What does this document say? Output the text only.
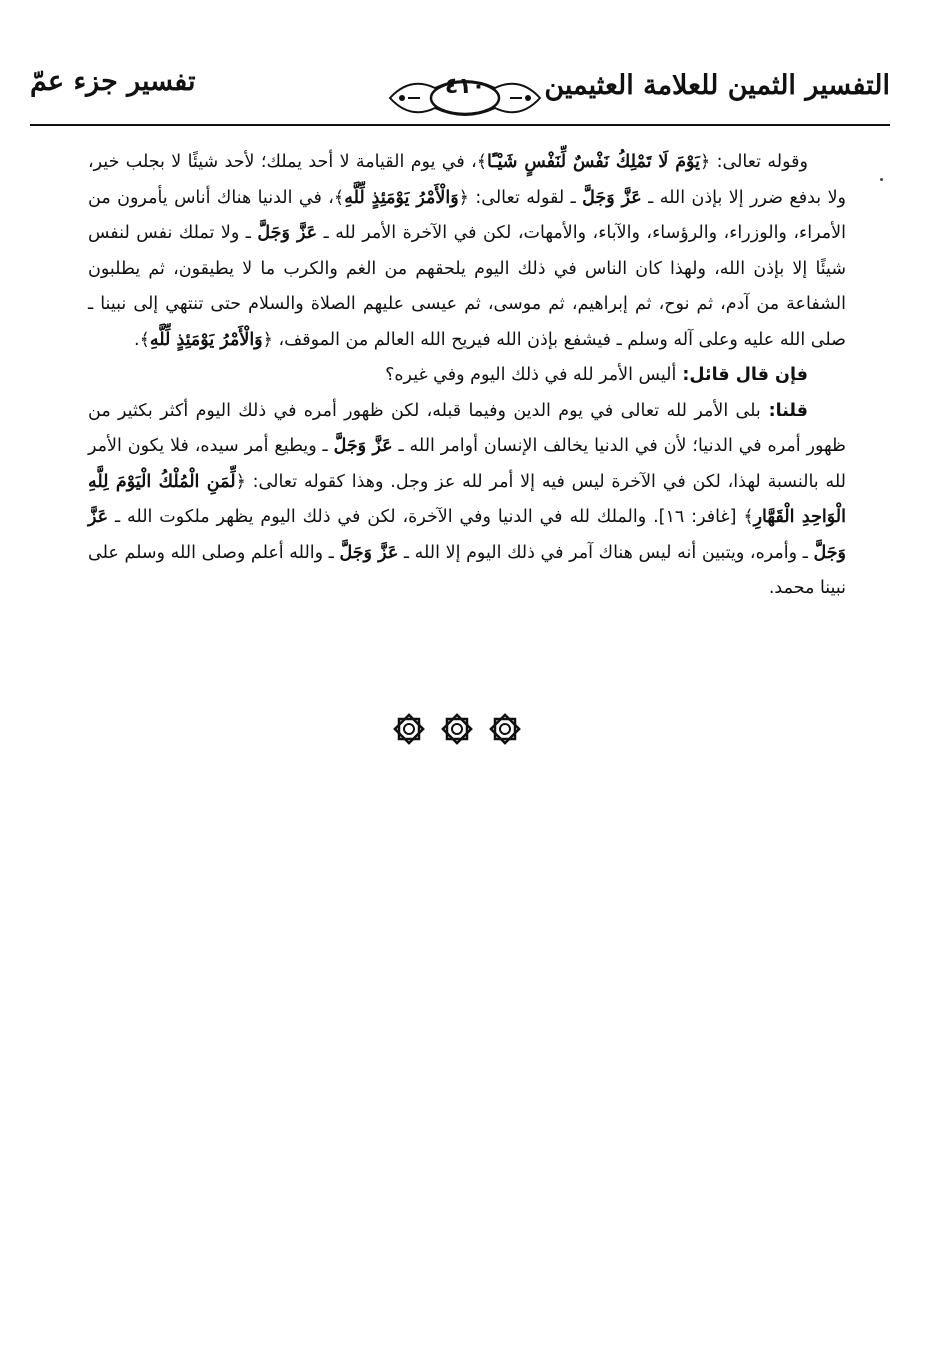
التفسير الثمين للعلامة العثيمين
٤١٠
تفسير جزء عمّ

وقوله تعالى: ﴿يَوْمَ لَا تَمْلِكُ نَفْسٌ لِّنَفْسٍ شَيْـًٔا﴾، في يوم القيامة لا أحد يملك؛ لأحد شيئًا لا بجلب خير، ولا بدفع ضرر إلا بإذن الله ـ عَزَّ وَجَلَّ ـ لقوله تعالى: ﴿وَالْأَمْرُ يَوْمَئِذٍ لِّلَّهِ﴾، في الدنيا هناك أناس يأمرون من الأمراء، والوزراء، والرؤساء، والآباء، والأمهات، لكن في الآخرة الأمر لله ـ عَزَّ وَجَلَّ ـ ولا تملك نفس لنفس شيئًا إلا بإذن الله، ولهذا كان الناس في ذلك اليوم يلحقهم من الغم والكرب ما لا يطيقون، ثم يطلبون الشفاعة من آدم، ثم نوح، ثم إبراهيم، ثم موسى، ثم عيسى عليهم الصلاة والسلام حتى تنتهي إلى نبينا ـ صلى الله عليه وعلى آله وسلم ـ فيشفع بإذن الله فيريح الله العالم من الموقف، ﴿وَالْأَمْرُ يَوْمَئِذٍ لِّلَّهِ﴾.

فإن قال قائل: أليس الأمر لله في ذلك اليوم وفي غيره؟

قلنا: بلى الأمر لله تعالى في يوم الدين وفيما قبله، لكن ظهور أمره في ذلك اليوم أكثر بكثير من ظهور أمره في الدنيا؛ لأن في الدنيا يخالف الإنسان أوامر الله ـ عَزَّ وَجَلَّ ـ ويطيع أمر سيده، فلا يكون الأمر لله بالنسبة لهذا، لكن في الآخرة ليس فيه إلا أمر لله عز وجل. وهذا كقوله تعالى: ﴿لِّمَنِ الْمُلْكُ الْيَوْمَ لِلَّهِ الْوَاحِدِ الْقَهَّارِ﴾ [غافر: ١٦]. والملك لله في الدنيا وفي الآخرة، لكن في ذلك اليوم يظهر ملكوت الله ـ عَزَّ وَجَلَّ ـ وأمره، ويتبين أنه ليس هناك آمر في ذلك اليوم إلا الله ـ عَزَّ وَجَلَّ ـ والله أعلم وصلى الله وسلم على نبينا محمد.
